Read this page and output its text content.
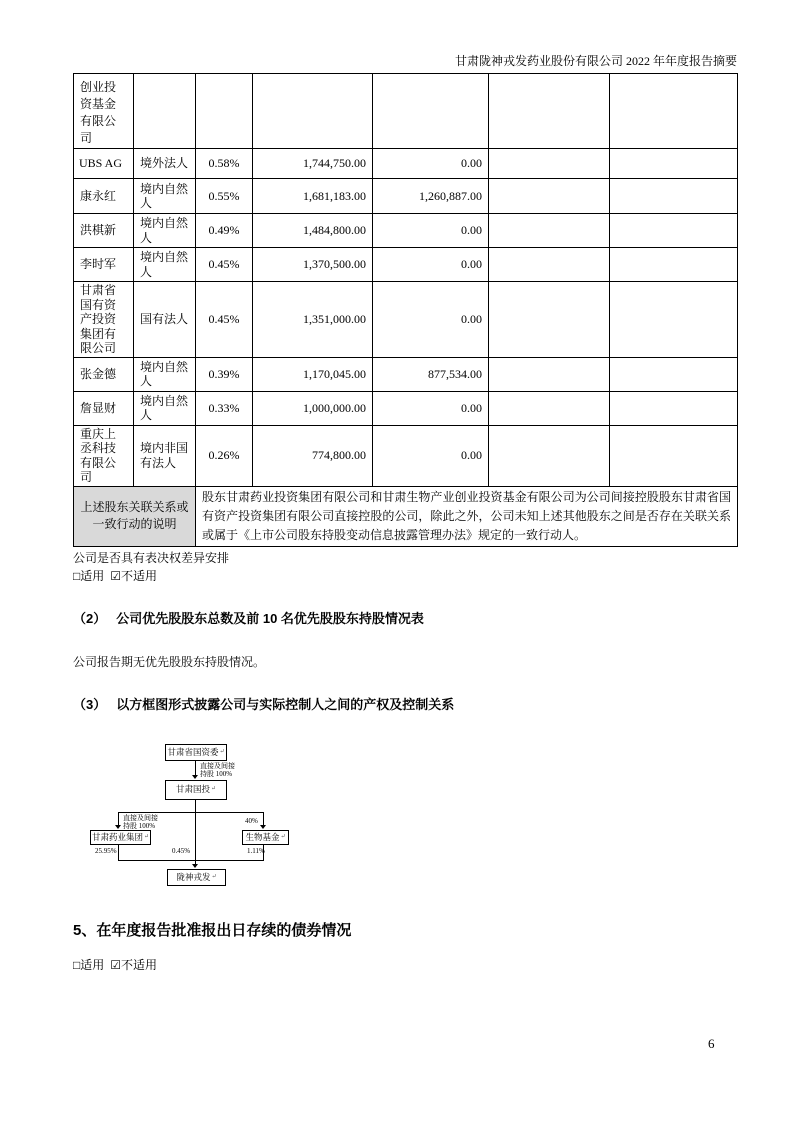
甘肃陇神戎发药业股份有限公司 2022 年年度报告摘要
创业投资基金有限公司						
UBS AG	境外法人	0.58%	1,744,750.00	0.00		
康永红	境内自然人	0.55%	1,681,183.00	1,260,887.00		
洪棋新	境内自然人	0.49%	1,484,800.00	0.00		
李时军	境内自然人	0.45%	1,370,500.00	0.00		
甘肃省国有资产投资集团有限公司	国有法人	0.45%	1,351,000.00	0.00		
张金德	境内自然人	0.39%	1,170,045.00	877,534.00		
詹显财	境内自然人	0.33%	1,000,000.00	0.00		
重庆上丞科技有限公司	境内非国有法人	0.26%	774,800.00	0.00		
上述股东关联关系或一致行动的说明		股东甘肃药业投资集团有限公司和甘肃生物产业创业投资基金有限公司为公司间接控股股东甘肃省国有资产投资集团有限公司直接控股的公司，除此之外，公司未知上述其他股东之间是否存在关联关系或属于《上市公司股东持股变动信息披露管理办法》规定的一致行动人。				
公司是否具有表决权差异安排
□适用 ☑不适用
（2） 公司优先股股东总数及前 10 名优先股股东持股情况表
公司报告期无优先股股东持股情况。
（3） 以方框图形式披露公司与实际控制人之间的产权及控制关系
甘肃省国资委 ↵
甘肃国投 ↵
甘肃药业集团 ↵	生物基金 ↵
陇神戎发 ↵
直接及间接
持股 100%
直接及间接
持股 100%
40%
25.95%	0.45%	1.11%
5、在年度报告批准报出日存续的债券情况
□适用 ☑不适用
6
